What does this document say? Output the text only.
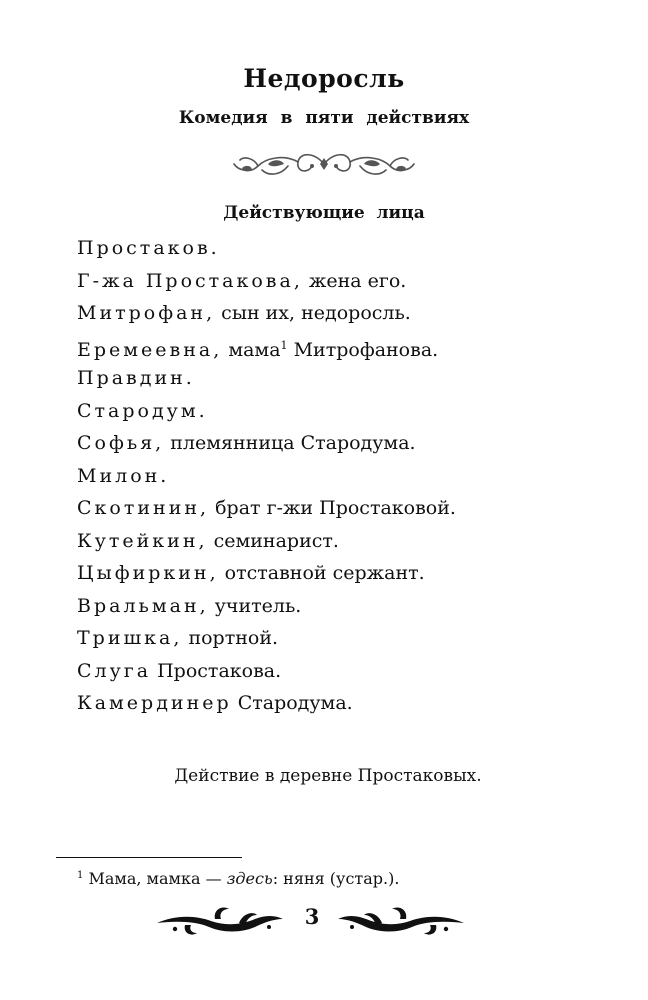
Недоросль
Комедия в пяти действиях
Действующие лица
Простаков.
Г-жа Простакова, жена его.
Митрофан, сын их, недоросль.
Еремеевна, мама$^1$ Митрофанова.
Правдин.
Стародум.
Софья, племянница Стародума.
Милон.
Скотинин, брат г-жи Простаковой.
Кутейкин, семинарист.
Цыфиркин, отставной сержант.
Вральман, учитель.
Тришка, портной.
Слуга Простакова.
Камердинер Стародума.
Действие в деревне Простаковых.
$^1$ Мама, мамка — здесь: няня (устар.).
3
